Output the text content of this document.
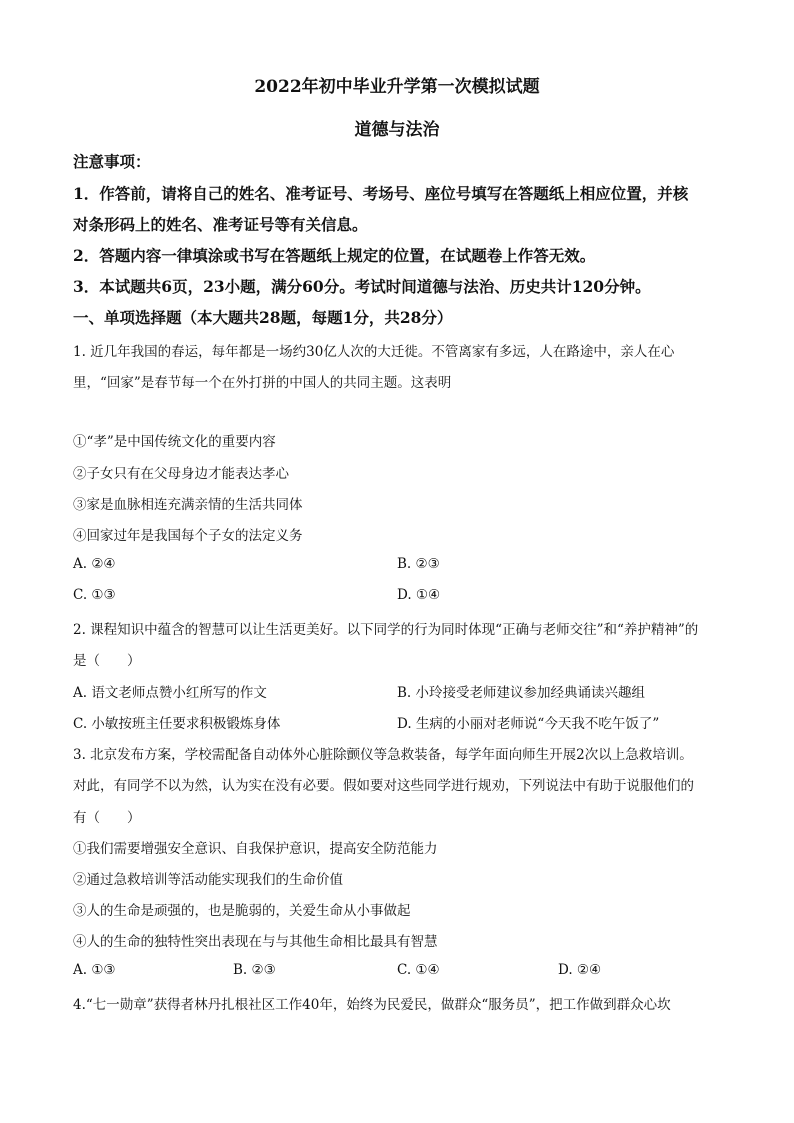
2022年初中毕业升学第一次模拟试题
道德与法治
注意事项：
1．作答前，请将自己的姓名、准考证号、考场号、座位号填写在答题纸上相应位置，并核
对条形码上的姓名、准考证号等有关信息。
2．答题内容一律填涂或书写在答题纸上规定的位置，在试题卷上作答无效。
3．本试题共6页，23小题，满分60分。考试时间道德与法治、历史共计120分钟。
一、单项选择题（本大题共28题，每题1分，共28分）
1. 近几年我国的春运，每年都是一场约30亿人次的大迁徙。不管离家有多远，人在路途中，亲人在心
里，“回家”是春节每一个在外打拼的中国人的共同主题。这表明
①“孝”是中国传统文化的重要内容
②子女只有在父母身边才能表达孝心
③家是血脉相连充满亲情的生活共同体
④回家过年是我国每个子女的法定义务
A. ②④	B. ②③
C. ①③	D. ①④
2. 课程知识中蕴含的智慧可以让生活更美好。以下同学的行为同时体现“正确与老师交往”和“养护精神”的
是（　　）
A. 语文老师点赞小红所写的作文	B. 小玲接受老师建议参加经典诵读兴趣组
C. 小敏按班主任要求积极锻炼身体	D. 生病的小丽对老师说“今天我不吃午饭了”
3. 北京发布方案，学校需配备自动体外心脏除颤仪等急救装备，每学年面向师生开展2次以上急救培训。
对此，有同学不以为然，认为实在没有必要。假如要对这些同学进行规劝，下列说法中有助于说服他们的
有（　　）
①我们需要增强安全意识、自我保护意识，提高安全防范能力
②通过急救培训等活动能实现我们的生命价值
③人的生命是顽强的，也是脆弱的，关爱生命从小事做起
④人的生命的独特性突出表现在与与其他生命相比最具有智慧
A. ①③	B. ②③	C. ①④	D. ②④
4.“七一勋章”获得者林丹扎根社区工作40年，始终为民爱民，做群众“服务员”，把工作做到群众心坎
